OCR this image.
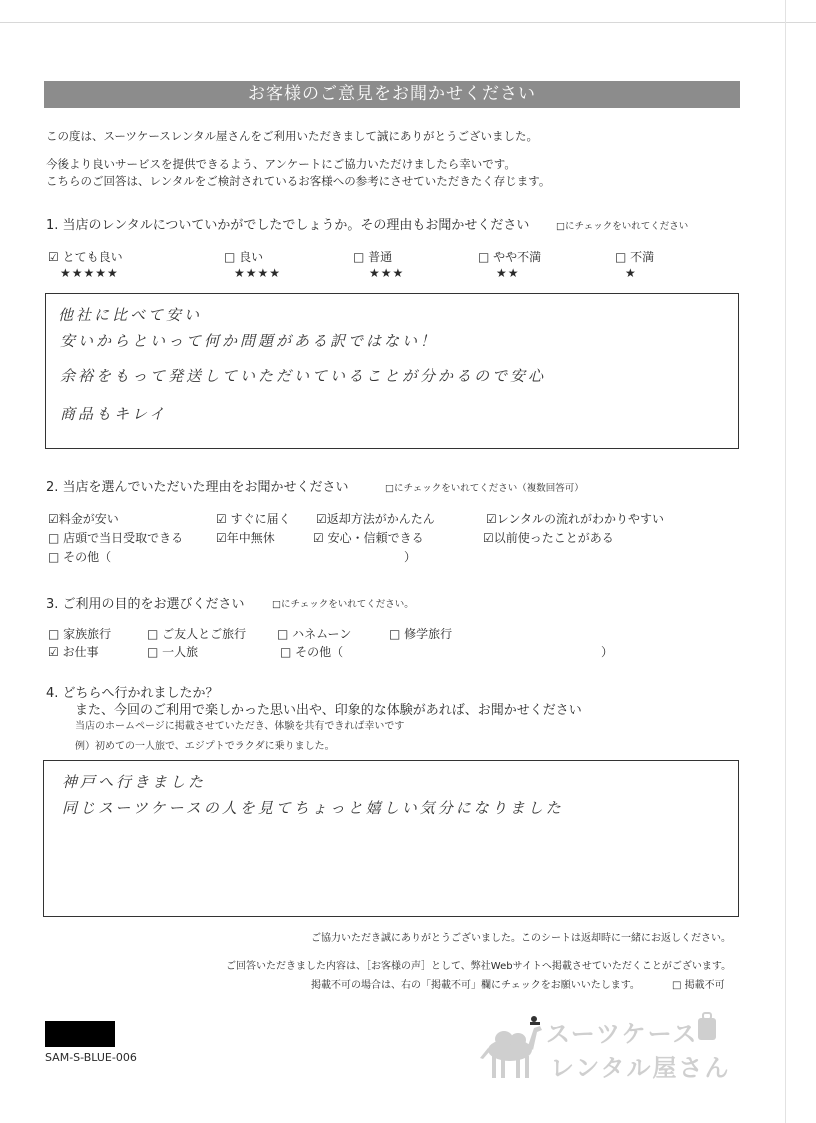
お客様のご意見をお聞かせください
この度は、スーツケースレンタル屋さんをご利用いただきまして誠にありがとうございました。
今後より良いサービスを提供できるよう、アンケートにご協力いただけましたら幸いです。
こちらのご回答は、レンタルをご検討されているお客様への参考にさせていただきたく存じます。
1. 当店のレンタルについていかがでしたでしょうか。その理由もお聞かせください	□にチェックをいれてください
☑ とても良い
★★★★★
□ 良い
★★★★
□ 普通
★★★
□ やや不満
★★
□ 不満
★
他社に比べて安い
安いからといって何か問題がある訳ではない！
余裕をもって発送していただいていることが分かるので安心
商品もキレイ
2. 当店を選んでいただいた理由をお聞かせください	□にチェックをいれてください（複数回答可）
☑料金が安い	☑ すぐに届く ☑返却方法がかんたん	☑レンタルの流れがわかりやすい
□ 店頭で当日受取できる	☑年中無休	☑ 安心・信頼できる	☑以前使ったことがある
□ その他（	）
3. ご利用の目的をお選びください	□にチェックをいれてください。
□ 家族旅行	□ ご友人とご旅行	□ ハネムーン	□ 修学旅行
☑ お仕事	□ 一人旅	□ その他（	）
4. どちらへ行かれましたか？
また、今回のご利用で楽しかった思い出や、印象的な体験があれば、お聞かせください
当店のホームページに掲載させていただき、体験を共有できれば幸いです
例）初めての一人旅で、エジプトでラクダに乗りました。
神戸へ行きました
同じスーツケースの人を見てちょっと嬉しい気分になりました
ご協力いただき誠にありがとうございました。このシートは返却時に一緒にお返しください。
ご回答いただきました内容は、［お客様の声］として、弊社Webサイトへ掲載させていただくことがございます。
掲載不可の場合は、右の「掲載不可」欄にチェックをお願いいたします。	□ 掲載不可
SAM-S-BLUE-006
スーツケース
レンタル屋さん
